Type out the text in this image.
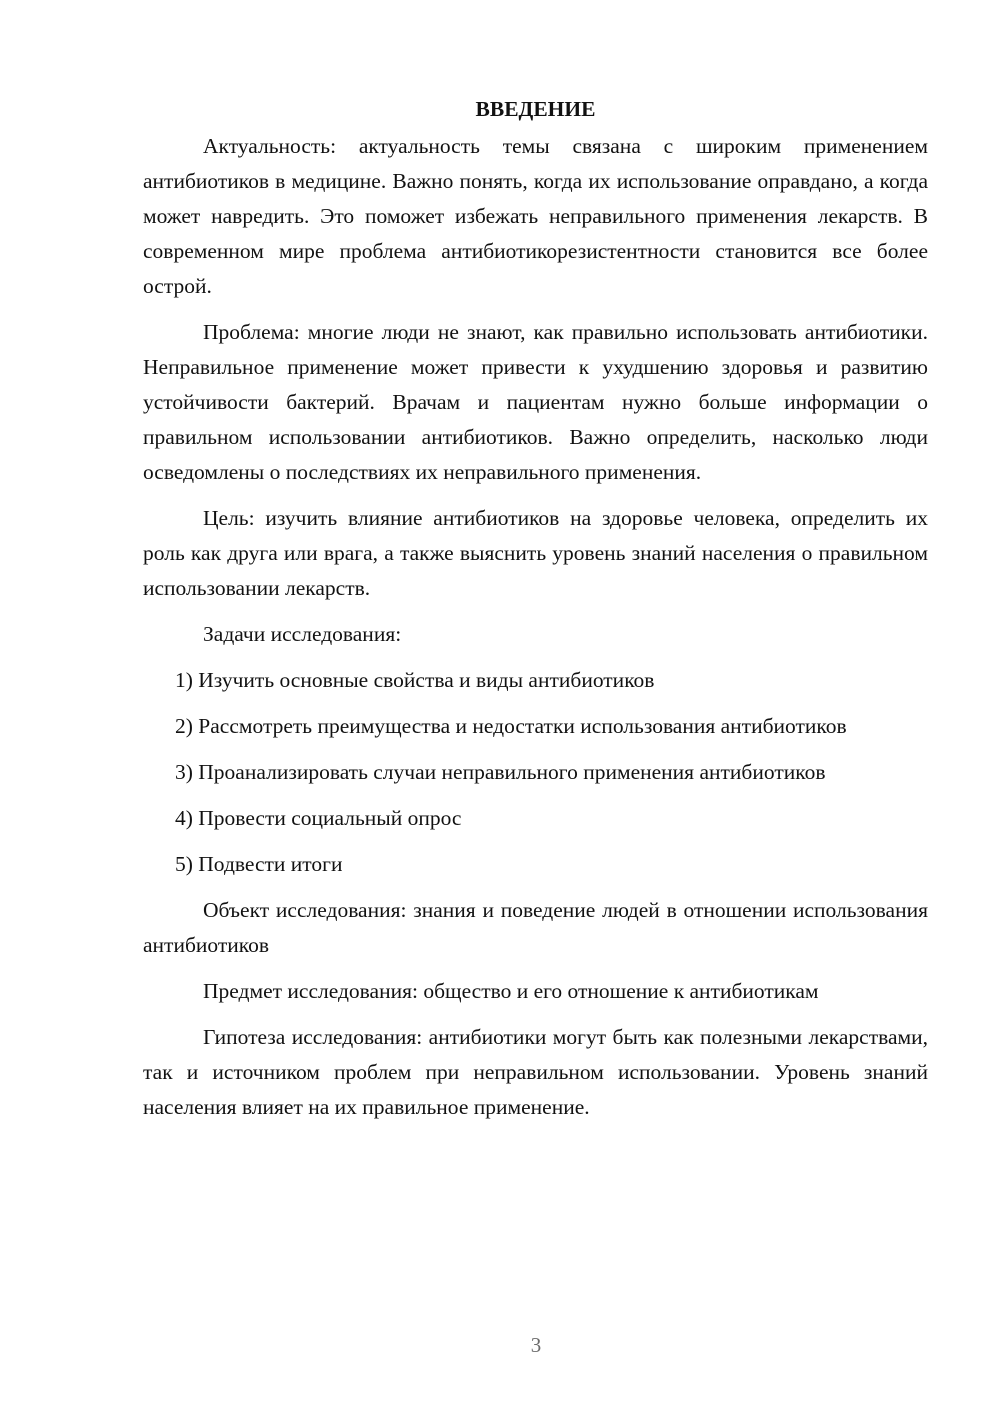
ВВЕДЕНИЕ

Актуальность: актуальность темы связана с широким применением антибиотиков в медицине. Важно понять, когда их использование оправдано, а когда может навредить. Это поможет избежать неправильного применения лекарств. В современном мире проблема антибиотикорезистентности становится все более острой.

Проблема: многие люди не знают, как правильно использовать антибиотики. Неправильное применение может привести к ухудшению здоровья и развитию устойчивости бактерий. Врачам и пациентам нужно больше информации о правильном использовании антибиотиков. Важно определить, насколько люди осведомлены о последствиях их неправильного применения.

Цель: изучить влияние антибиотиков на здоровье человека, определить их роль как друга или врага, а также выяснить уровень знаний населения о правильном использовании лекарств.

Задачи исследования:

1) Изучить основные свойства и виды антибиотиков

2) Рассмотреть преимущества и недостатки использования антибиотиков

3) Проанализировать случаи неправильного применения антибиотиков

4) Провести социальный опрос

5) Подвести итоги

Объект исследования: знания и поведение людей в отношении использования антибиотиков

Предмет исследования: общество и его отношение к антибиотикам

Гипотеза исследования: антибиотики могут быть как полезными лекарствами, так и источником проблем при неправильном использовании. Уровень знаний населения влияет на их правильное применение.

3
